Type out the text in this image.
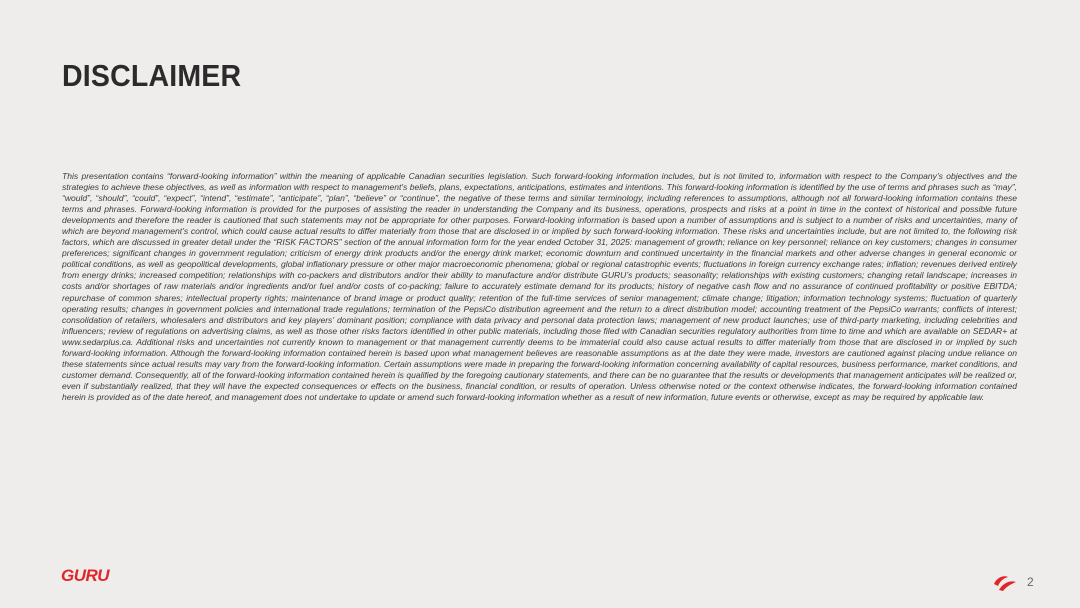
DISCLAIMER

This presentation contains “forward-looking information” within the meaning of applicable Canadian securities legislation. Such forward-looking information includes, but is not limited to, information with respect to the Company’s objectives and the strategies to achieve these objectives, as well as information with respect to management's beliefs, plans, expectations, anticipations, estimates and intentions. This forward-looking information is identified by the use of terms and phrases such as “may”, “would”, “should”, “could”, “expect”, “intend”, “estimate”, “anticipate”, “plan”, “believe” or “continue”, the negative of these terms and similar terminology, including references to assumptions, although not all forward-looking information contains these terms and phrases. Forward-looking information is provided for the purposes of assisting the reader in understanding the Company and its business, operations, prospects and risks at a point in time in the context of historical and possible future developments and therefore the reader is cautioned that such statements may not be appropriate for other purposes. Forward-looking information is based upon a number of assumptions and is subject to a number of risks and uncertainties, many of which are beyond management’s control, which could cause actual results to differ materially from those that are disclosed in or implied by such forward-looking information. These risks and uncertainties include, but are not limited to, the following risk factors, which are discussed in greater detail under the “RISK FACTORS” section of the annual information form for the year ended October 31, 2025: management of growth; reliance on key personnel; reliance on key customers; changes in consumer preferences; significant changes in government regulation; criticism of energy drink products and/or the energy drink market; economic downturn and continued uncertainty in the financial markets and other adverse changes in general economic or political conditions, as well as geopolitical developments, global inflationary pressure or other major macroeconomic phenomena; global or regional catastrophic events; fluctuations in foreign currency exchange rates; inflation; revenues derived entirely from energy drinks; increased competition; relationships with co-packers and distributors and/or their ability to manufacture and/or distribute GURU’s products; seasonality; relationships with existing customers; changing retail landscape; increases in costs and/or shortages of raw materials and/or ingredients and/or fuel and/or costs of co-packing; failure to accurately estimate demand for its products; history of negative cash flow and no assurance of continued profitability or positive EBITDA; repurchase of common shares; intellectual property rights; maintenance of brand image or product quality; retention of the full-time services of senior management; climate change; litigation; information technology systems; fluctuation of quarterly operating results; changes in government policies and international trade regulations; termination of the PepsiCo distribution agreement and the return to a direct distribution model; accounting treatment of the PepsiCo warrants; conflicts of interest; consolidation of retailers, wholesalers and distributors and key players' dominant position; compliance with data privacy and personal data protection laws; management of new product launches; use of third-party marketing, including celebrities and influencers; review of regulations on advertising claims, as well as those other risks factors identified in other public materials, including those filed with Canadian securities regulatory authorities from time to time and which are available on SEDAR+ at www.sedarplus.ca. Additional risks and uncertainties not currently known to management or that management currently deems to be immaterial could also cause actual results to differ materially from those that are disclosed in or implied by such forward-looking information. Although the forward-looking information contained herein is based upon what management believes are reasonable assumptions as at the date they were made, investors are cautioned against placing undue reliance on these statements since actual results may vary from the forward-looking information. Certain assumptions were made in preparing the forward-looking information concerning availability of capital resources, business performance, market conditions, and customer demand. Consequently, all of the forward-looking information contained herein is qualified by the foregoing cautionary statements, and there can be no guarantee that the results or developments that management anticipates will be realized or, even if substantially realized, that they will have the expected consequences or effects on the business, financial condition, or results of operation. Unless otherwise noted or the context otherwise indicates, the forward-looking information contained herein is provided as of the date hereof, and management does not undertake to update or amend such forward-looking information whether as a result of new information, future events or otherwise, except as may be required by applicable law.

GURU	2
